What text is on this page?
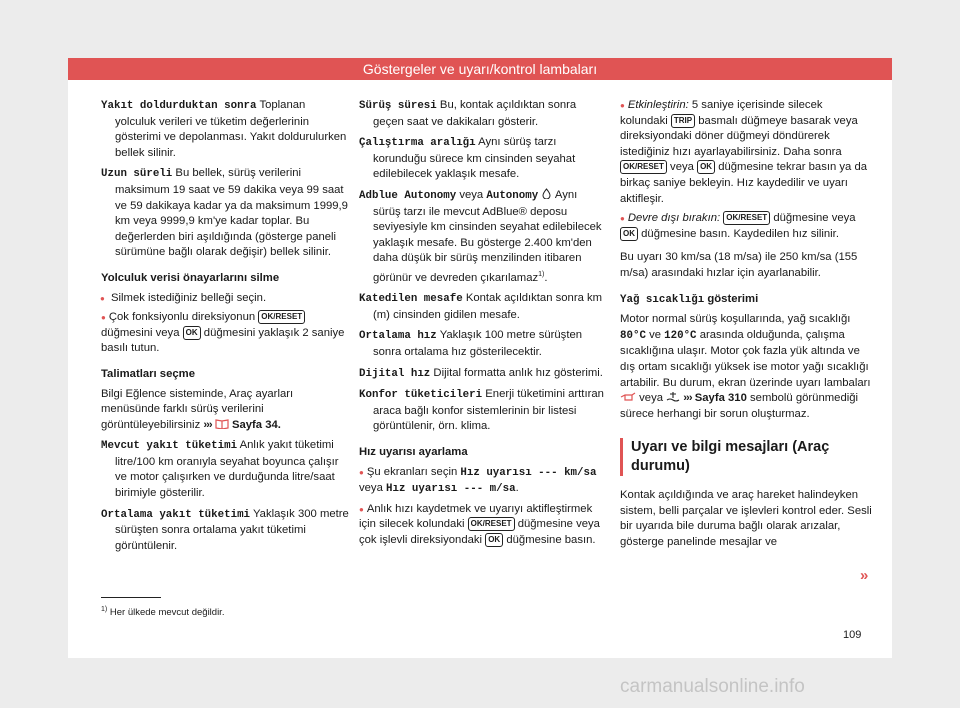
Göstergeler ve uyarı/kontrol lambaları

Yakıt doldurduktan sonra Toplanan yolculuk verileri ve tüketim değerlerinin gösterimi ve depolanması. Yakıt doldurulurken bellek silinir.

Uzun süreli Bu bellek, sürüş verilerini maksimum 19 saat ve 59 dakika veya 99 saat ve 59 dakikaya kadar ya da maksimum 1999,9 km veya 9999,9 km'ye kadar toplar. Bu değerlerden biri aşıldığında (gösterge paneli sürümüne bağlı olarak değişir) bellek silinir.

Yolculuk verisi önayarlarını silme
● Silmek istediğiniz belleği seçin.
● Çok fonksiyonlu direksiyonun OK/RESET düğmesini veya OK düğmesini yaklaşık 2 saniye basılı tutun.
Talimatları seçme

Bilgi Eğlence sisteminde, Araç ayarları menüsünde farklı sürüş verilerini görüntüleyebilirsiniz ››› Sayfa 34.

Mevcut yakıt tüketimi Anlık yakıt tüketimi litre/100 km oranıyla seyahat boyunca çalışır ve motor çalışırken ve durduğunda litre/saat birimiyle gösterilir.

Ortalama yakıt tüketimi Yaklaşık 300 metre sürüşten sonra ortalama yakıt tüketimi görüntülenir.

Sürüş süresi Bu, kontak açıldıktan sonra geçen saat ve dakikaları gösterir.

Çalıştırma aralığı Aynı sürüş tarzı korunduğu sürece km cinsinden seyahat edilebilecek yaklaşık mesafe.

Adblue Autonomy veya Autonomy Aynı sürüş tarzı ile mevcut AdBlue® deposu seviyesiyle km cinsinden seyahat edilebilecek yaklaşık mesafe. Bu gösterge 2.400 km'den daha düşük bir sürüş menzilinden itibaren görünür ve devreden çıkarılamaz$^{1)}$.

Katedilen mesafe Kontak açıldıktan sonra km (m) cinsinden gidilen mesafe.

Ortalama hız Yaklaşık 100 metre sürüşten sonra ortalama hız gösterilecektir.

Dijital hız Dijital formatta anlık hız gösterimi.

Konfor tüketicileri Enerji tüketimini arttıran araca bağlı konfor sistemlerinin bir listesi görüntülenir, örn. klima.

Hız uyarısı ayarlama
● Şu ekranları seçin Hız uyarısı --- km/sa veya Hız uyarısı --- m/sa.
● Anlık hızı kaydetmek ve uyarıyı aktifleştirmek için silecek kolundaki OK/RESET düğmesine veya çok işlevli direksiyondaki OK düğmesine basın.
● Etkinleştirin: 5 saniye içerisinde silecek kolundaki TRIP basmalı düğmeye basarak veya direksiyondaki döner düğmeyi döndürerek istediğiniz hızı ayarlayabilirsiniz. Daha sonra OK/RESET veya OK düğmesine tekrar basın ya da birkaç saniye bekleyin. Hız kaydedilir ve uyarı aktifleşir.
● Devre dışı bırakın: OK/RESET düğmesine veya OK düğmesine basın. Kaydedilen hız silinir.

Bu uyarı 30 km/sa (18 m/sa) ile 250 km/sa (155 m/sa) arasındaki hızlar için ayarlanabilir.

Yağ sıcaklığı gösterimi

Motor normal sürüş koşullarında, yağ sıcaklığı 80°C ve 120°C arasında olduğunda, çalışma sıcaklığına ulaşır. Motor çok fazla yük altında ve dış ortam sıcaklığı yüksek ise motor yağı sıcaklığı artabilir. Bu durum, ekran üzerinde uyarı lambaları  veya ››› Sayfa 310 sembolü görünmediği sürece herhangi bir sorun oluşturmaz.

Uyarı ve bilgi mesajları (Araç durumu)

Kontak açıldığında ve araç hareket halindeyken sistem, belli parçalar ve işlevleri kontrol eder. Sesli bir uyarıda bile duruma bağlı olarak arızalar, gösterge panelinde mesajlar ve

»
$^{1)}$ Her ülkede mevcut değildir.
109
carmanualsonline.info
